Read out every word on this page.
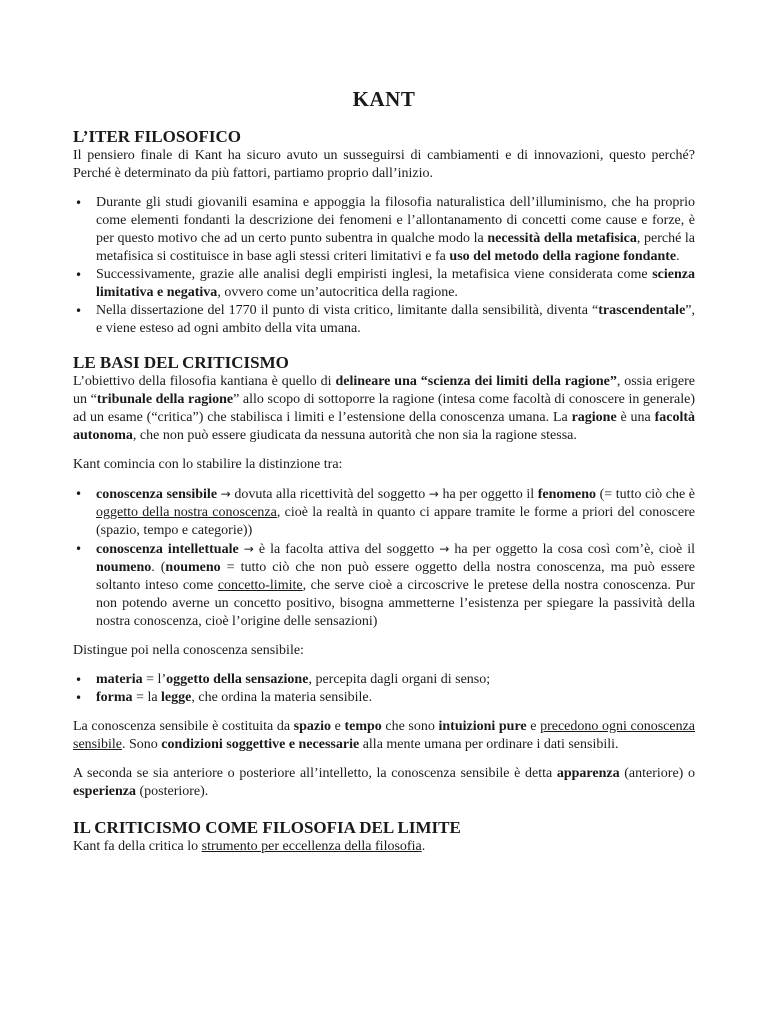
KANT
L’ITER FILOSOFICO

Il pensiero finale di Kant ha sicuro avuto un susseguirsi di cambiamenti e di innovazioni, questo perché? Perché è determinato da più fattori, partiamo proprio dall’inizio.

• Durante gli studi giovanili esamina e appoggia la filosofia naturalistica dell’illuminismo, che ha proprio come elementi fondanti la descrizione dei fenomeni e l’allontanamento di concetti come cause e forze, è per questo motivo che ad un certo punto subentra in qualche modo la necessità della metafisica, perché la metafisica si costituisce in base agli stessi criteri limitativi e fa uso del metodo della ragione fondante.
• Successivamente, grazie alle analisi degli empiristi inglesi, la metafisica viene considerata come scienza limitativa e negativa, ovvero come un’autocritica della ragione.
• Nella dissertazione del 1770 il punto di vista critico, limitante dalla sensibilità, diventa “trascendentale”, e viene esteso ad ogni ambito della vita umana.
LE BASI DEL CRITICISMO

L’obiettivo della filosofia kantiana è quello di delineare una “scienza dei limiti della ragione”, ossia erigere un “tribunale della ragione” allo scopo di sottoporre la ragione (intesa come facoltà di conoscere in generale) ad un esame (“critica”) che stabilisca i limiti e l’estensione della conoscenza umana. La ragione è una facoltà autonoma, che non può essere giudicata da nessuna autorità che non sia la ragione stessa.

Kant comincia con lo stabilire la distinzione tra:

• conoscenza sensibile → dovuta alla ricettività del soggetto → ha per oggetto il fenomeno (= tutto ciò che è oggetto della nostra conoscenza, cioè la realtà in quanto ci appare tramite le forme a priori del conoscere (spazio, tempo e categorie))
• conoscenza intellettuale → è la facolta attiva del soggetto → ha per oggetto la cosa così com’è, cioè il noumeno. (noumeno = tutto ciò che non può essere oggetto della nostra conoscenza, ma può essere soltanto inteso come concetto-limite, che serve cioè a circoscrive le pretese della nostra conoscenza. Pur non potendo averne un concetto positivo, bisogna ammetterne l’esistenza per spiegare la passività della nostra conoscenza, cioè l’origine delle sensazioni)

Distingue poi nella conoscenza sensibile:

• materia = l’oggetto della sensazione, percepita dagli organi di senso;
• forma = la legge, che ordina la materia sensibile.

La conoscenza sensibile è costituita da spazio e tempo che sono intuizioni pure e precedono ogni conoscenza sensibile. Sono condizioni soggettive e necessarie alla mente umana per ordinare i dati sensibili.

A seconda se sia anteriore o posteriore all’intelletto, la conoscenza sensibile è detta apparenza (anteriore) o esperienza (posteriore).

IL CRITICISMO COME FILOSOFIA DEL LIMITE

Kant fa della critica lo strumento per eccellenza della filosofia.
